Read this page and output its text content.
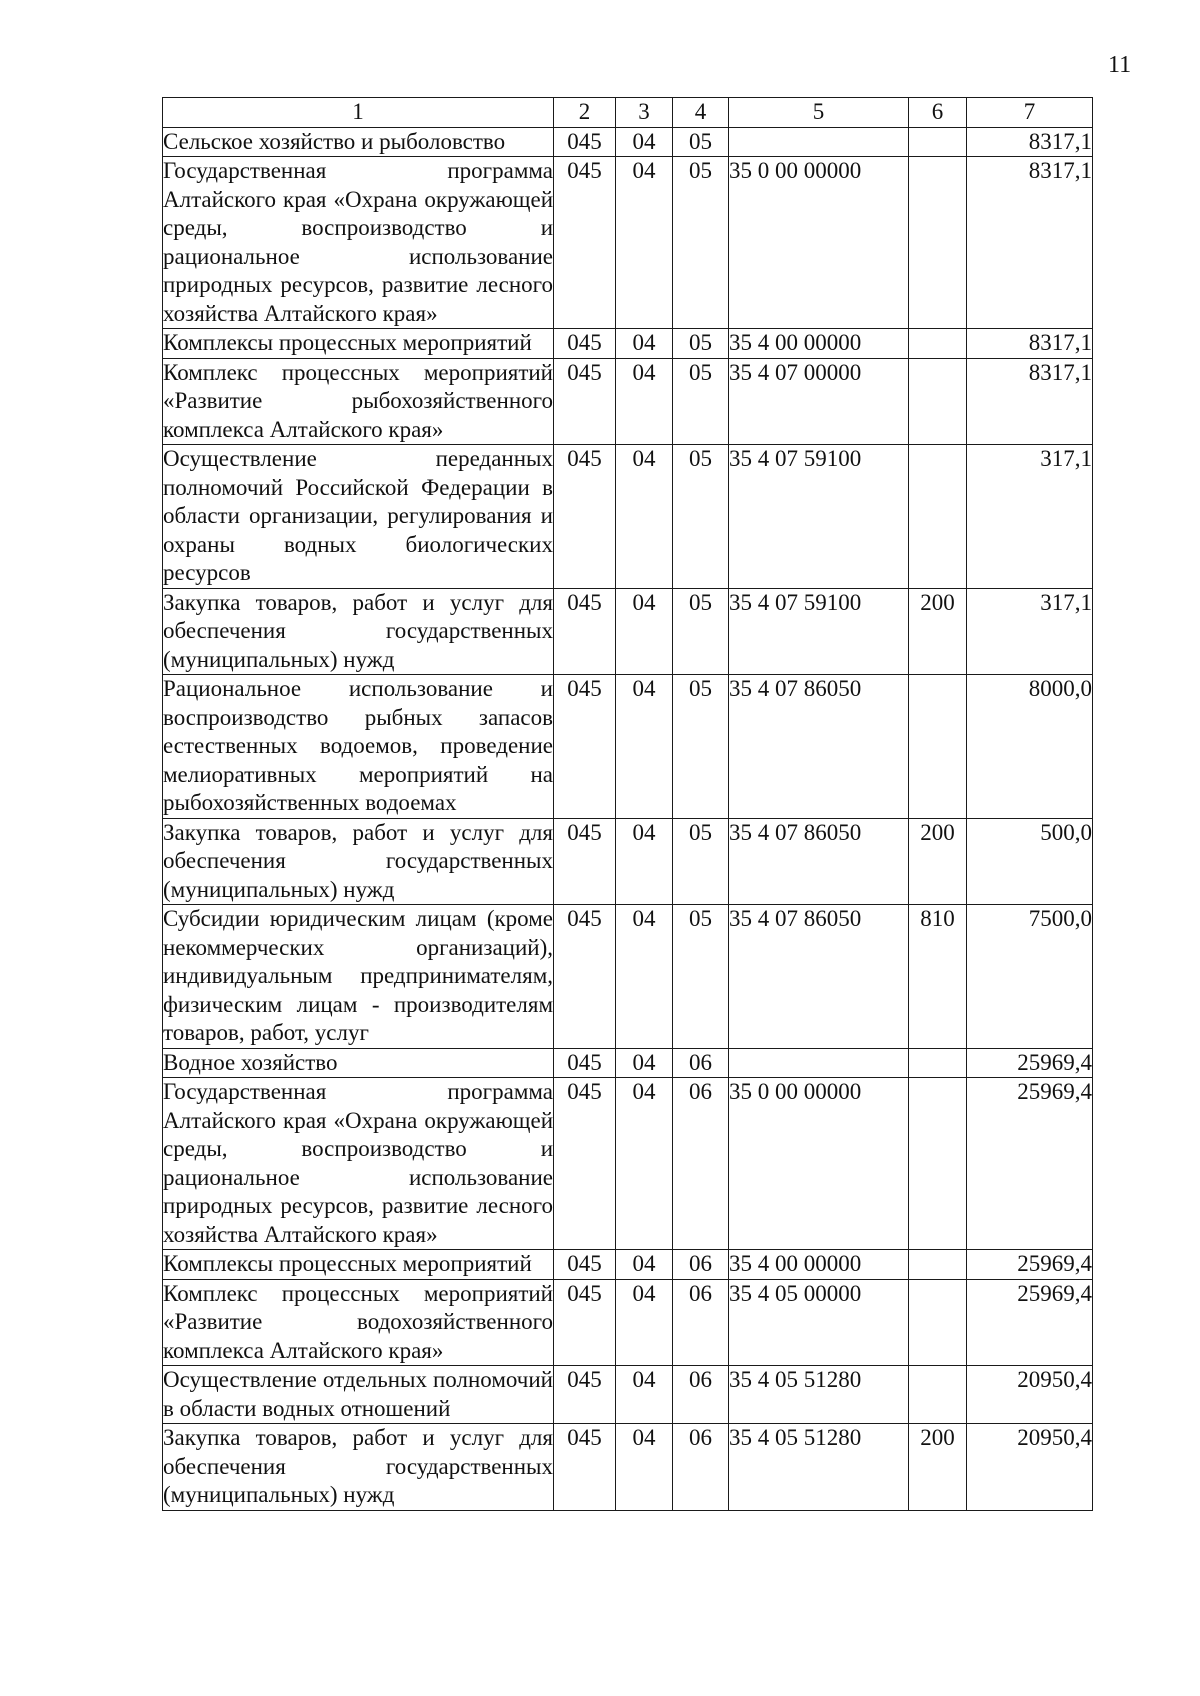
11
1	2	3	4	5	6	7
Сельское хозяйство и рыболовство	045	04	05			8317,1
Государственная программа Алтайского края «Охрана окружающей среды, воспроизводство и рациональное использование природных ресурсов, развитие лесного хозяйства Алтайского края»	045	04	05	35 0 00 00000		8317,1
Комплексы процессных мероприятий	045	04	05	35 4 00 00000		8317,1
Комплекс процессных мероприятий «Развитие рыбохозяйственного комплекса Алтайского края»	045	04	05	35 4 07 00000		8317,1
Осуществление переданных полномочий Российской Федерации в области организации, регулирования и охраны водных биологических ресурсов	045	04	05	35 4 07 59100		317,1
Закупка товаров, работ и услуг для обеспечения государственных (муниципальных) нужд	045	04	05	35 4 07 59100	200	317,1
Рациональное использование и воспроизводство рыбных запасов естественных водоемов, проведение мелиоративных мероприятий на рыбохозяйственных водоемах	045	04	05	35 4 07 86050		8000,0
Закупка товаров, работ и услуг для обеспечения государственных (муниципальных) нужд	045	04	05	35 4 07 86050	200	500,0
Субсидии юридическим лицам (кроме некоммерческих организаций), индивидуальным предпринимателям, физическим лицам - производителям товаров, работ, услуг	045	04	05	35 4 07 86050	810	7500,0
Водное хозяйство	045	04	06			25969,4
Государственная программа Алтайского края «Охрана окружающей среды, воспроизводство и рациональное использование природных ресурсов, развитие лесного хозяйства Алтайского края»	045	04	06	35 0 00 00000		25969,4
Комплексы процессных мероприятий	045	04	06	35 4 00 00000		25969,4
Комплекс процессных мероприятий «Развитие водохозяйственного комплекса Алтайского края»	045	04	06	35 4 05 00000		25969,4
Осуществление отдельных полномочий в области водных отношений	045	04	06	35 4 05 51280		20950,4
Закупка товаров, работ и услуг для обеспечения государственных (муниципальных) нужд	045	04	06	35 4 05 51280	200	20950,4
